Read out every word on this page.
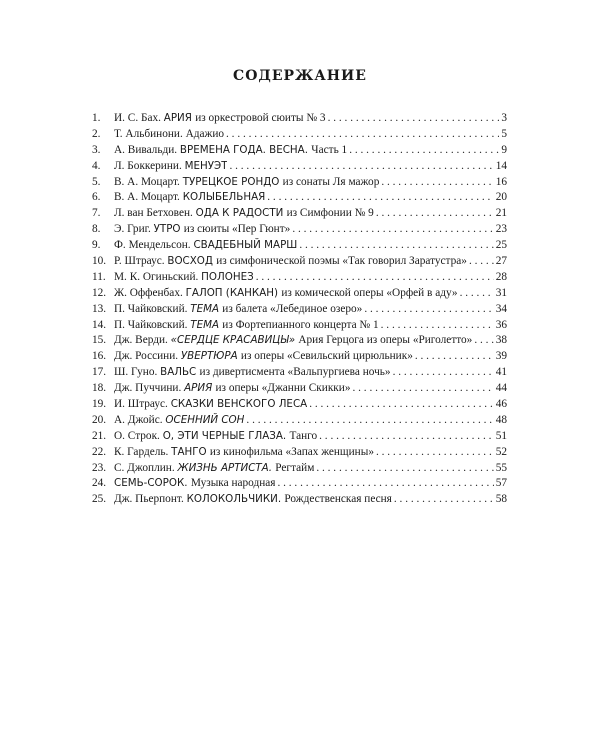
СОДЕРЖАНИЕ
1.	И. С. Бах. АРИЯ из оркестровой сюиты № 3 . . .	3
2.	Т. Альбинони. Адажио . . .	5
3.	А. Вивальди. ВРЕМЕНА ГОДА. ВЕСНА. Часть 1 . . .	9
4.	Л. Боккерини. МЕНУЭТ . . .	14
5.	В. А. Моцарт. ТУРЕЦКОЕ РОНДО из сонаты Ля мажор . . .	16
6.	В. А. Моцарт. КОЛЫБЕЛЬНАЯ . . .	20
7.	Л. ван Бетховен. ОДА К РАДОСТИ из Симфонии № 9 . . .	21
8.	Э. Григ. УТРО из сюиты «Пер Гюнт» . . .	23
9.	Ф. Мендельсон. СВАДЕБНЫЙ МАРШ . . .	25
10. Р. Штраус. ВОСХОД из симфонической поэмы «Так говорил Заратустра» . . .	27
11. М. К. Огиньский. ПОЛОНЕЗ . . .	28
12. Ж. Оффенбах. ГАЛОП (КАНКАН) из комической оперы «Орфей в аду» . . .	31
13. П. Чайковский. ТЕМА из балета «Лебединое озеро» . . .	34
14. П. Чайковский. ТЕМА из Фортепианного концерта № 1 . . .	36
15. Дж. Верди. «СЕРДЦЕ КРАСАВИЦЫ» Ария Герцога из оперы «Риголетто» . . . 38
16. Дж. Россини. УВЕРТЮРА из оперы «Севильский цирюльник» . . .	39
17. Ш. Гуно. ВАЛЬС из дивертисмента «Вальпургиева ночь» . . .	41
18. Дж. Пуччини. АРИЯ из оперы «Джанни Скикки» . . .	44
19. И. Штраус. СКАЗКИ ВЕНСКОГО ЛЕСА . . .	46
20. А. Джойс. ОСЕННИЙ СОН . . .	48
21. О. Строк. О, ЭТИ ЧЕРНЫЕ ГЛАЗА. Танго . . .	51
22. К. Гардель. ТАНГО из кинофильма «Запах женщины» . . .	52
23. С. Джоплин. ЖИЗНЬ АРТИСТА. Регтайм . . .	55
24. СЕМЬ-СОРОК. Музыка народная . . .	57
25. Дж. Пьерпонт. КОЛОКОЛЬЧИКИ. Рождественская песня . . .	58
